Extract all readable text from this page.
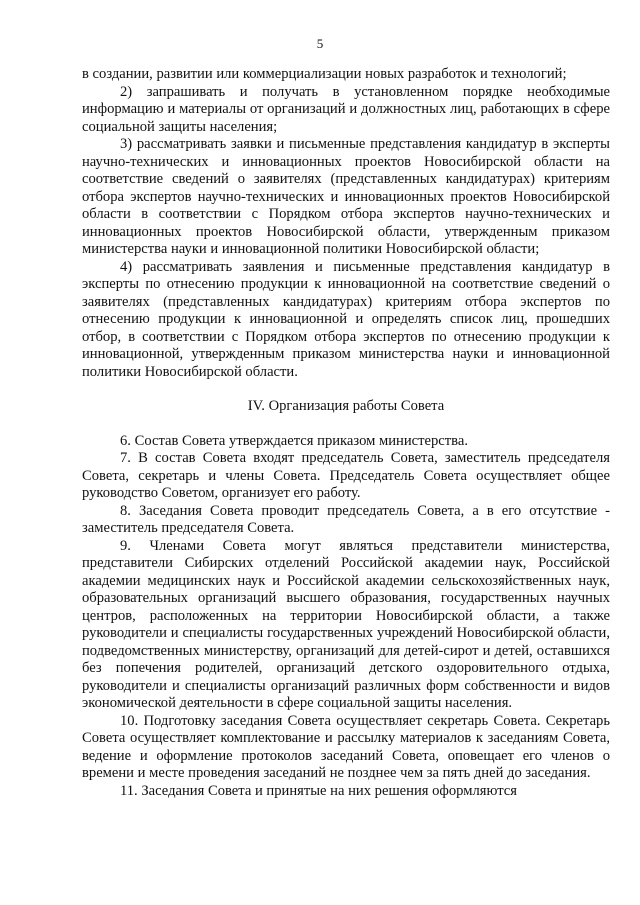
5

в создании, развитии или коммерциализации новых разработок и технологий;

2) запрашивать и получать в установленном порядке необходимые информацию и материалы от организаций и должностных лиц, работающих в сфере социальной защиты населения;

3) рассматривать заявки и письменные представления кандидатур в эксперты научно-технических и инновационных проектов Новосибирской области на соответствие сведений о заявителях (представленных кандидатурах) критериям отбора экспертов научно-технических и инновационных проектов Новосибирской области в соответствии с Порядком отбора экспертов научно-технических и инновационных проектов Новосибирской области, утвержденным приказом министерства науки и инновационной политики Новосибирской области;

4) рассматривать заявления и письменные представления кандидатур в эксперты по отнесению продукции к инновационной на соответствие сведений о заявителях (представленных кандидатурах) критериям отбора экспертов по отнесению продукции к инновационной и определять список лиц, прошедших отбор, в соответствии с Порядком отбора экспертов по отнесению продукции к инновационной, утвержденным приказом министерства науки и инновационной политики Новосибирской области.

IV. Организация работы Совета

6. Состав Совета утверждается приказом министерства.

7. В состав Совета входят председатель Совета, заместитель председателя Совета, секретарь и члены Совета. Председатель Совета осуществляет общее руководство Советом, организует его работу.

8. Заседания Совета проводит председатель Совета, а в его отсутствие - заместитель председателя Совета.

9. Членами Совета могут являться представители министерства, представители Сибирских отделений Российской академии наук, Российской академии медицинских наук и Российской академии сельскохозяйственных наук, образовательных организаций высшего образования, государственных научных центров, расположенных на территории Новосибирской области, а также руководители и специалисты государственных учреждений Новосибирской области, подведомственных министерству, организаций для детей-сирот и детей, оставшихся без попечения родителей, организаций детского оздоровительного отдыха, руководители и специалисты организаций различных форм собственности и видов экономической деятельности в сфере социальной защиты населения.

10. Подготовку заседания Совета осуществляет секретарь Совета. Секретарь Совета осуществляет комплектование и рассылку материалов к заседаниям Совета, ведение и оформление протоколов заседаний Совета, оповещает его членов о времени и месте проведения заседаний не позднее чем за пять дней до заседания.

11. Заседания Совета и принятые на них решения оформляются
